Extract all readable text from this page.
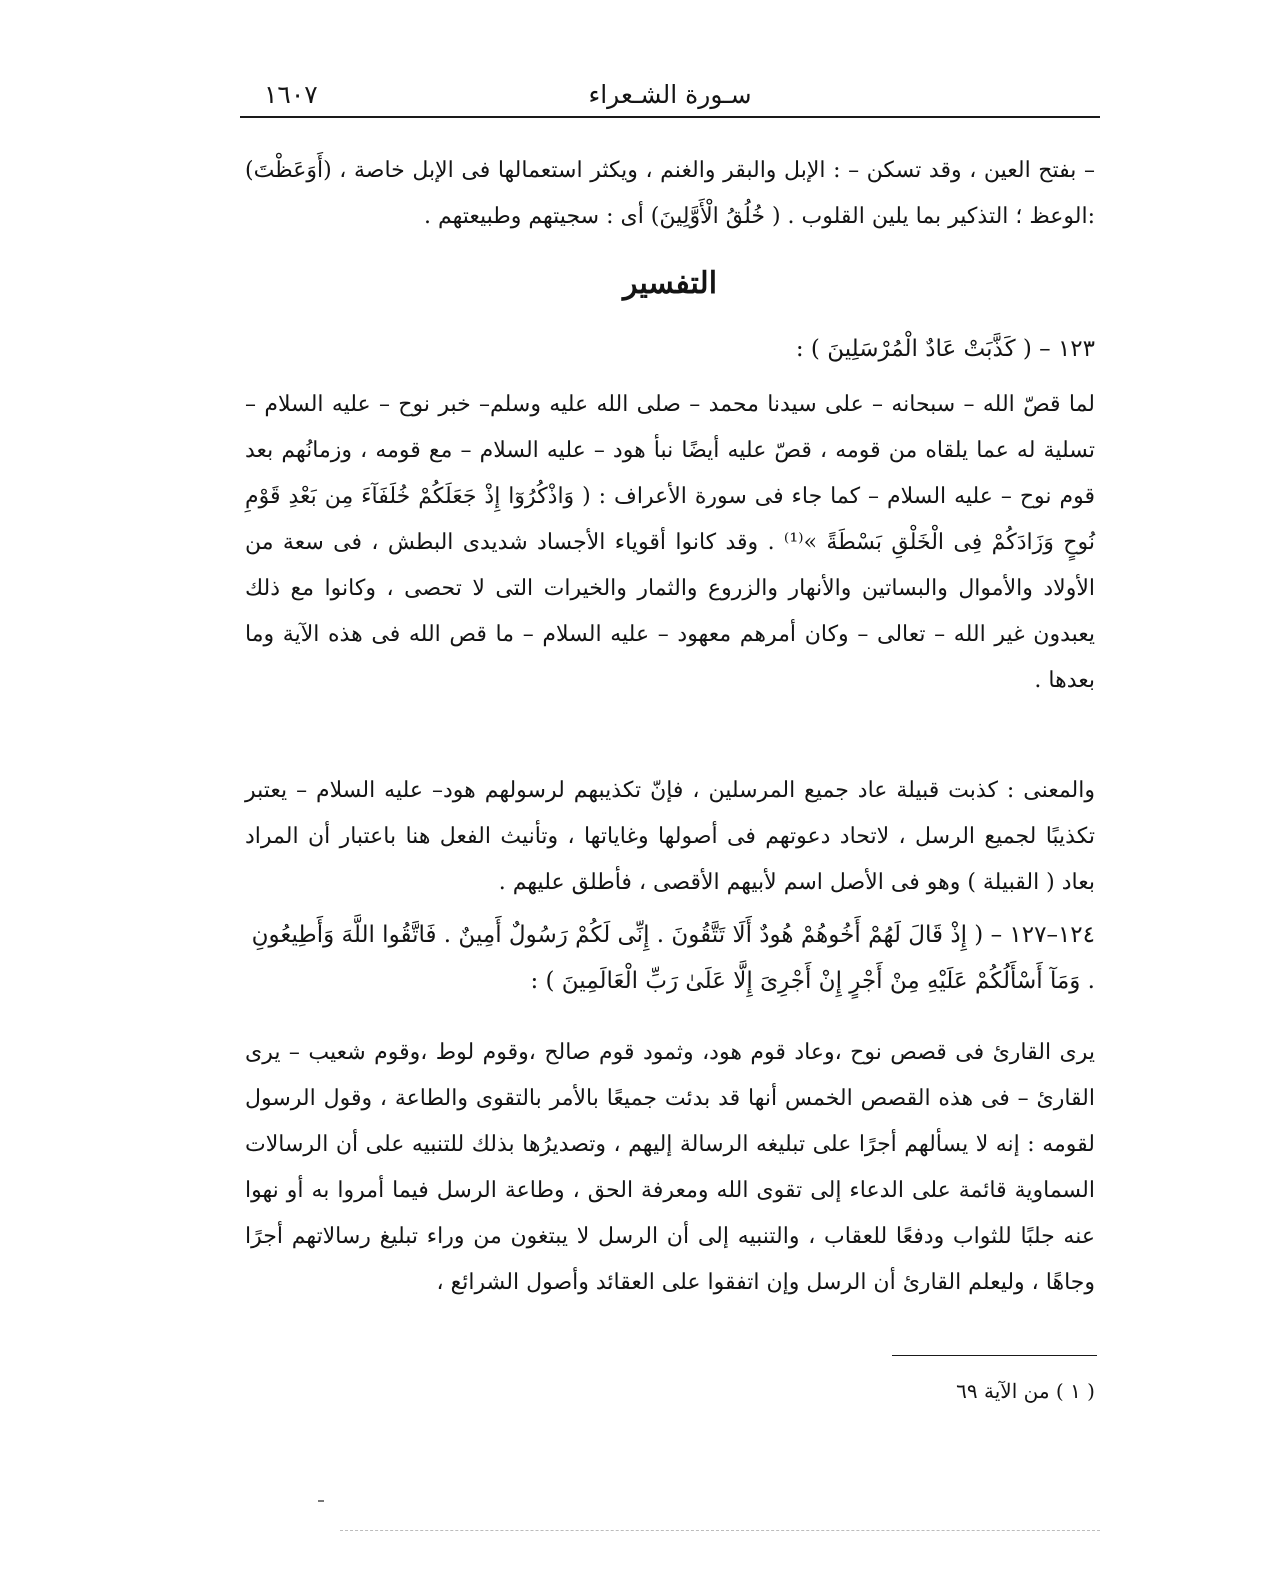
سـورة الشـعراء
١٦٠٧
– بفتح العين ، وقد تسكن – : الإبل والبقر والغنم ، ويكثر استعمالها فى الإبل خاصة ، (أَوَعَظْتَ) :الوعظ ؛ التذكير بما يلين القلوب . ( خُلُقُ الْأَوَّلِينَ) أى : سجيتهم وطبيعتهم .
التفسير
١٢٣ – ( كَذَّبَتْ عَادٌ الْمُرْسَلِينَ ) :
لما قصّ الله – سبحانه – على سيدنا محمد – صلى الله عليه وسلم– خبر نوح – عليه السلام – تسلية له عما يلقاه من قومه ، قصّ عليه أيضًا نبأ هود – عليه السلام – مع قومه ، وزمانُهم بعد قوم نوح – عليه السلام – كما جاء فى سورة الأعراف : ( وَاذْكُرُوٓا إِذْ جَعَلَكُمْ خُلَفَآءَ مِن بَعْدِ قَوْمِ نُوحٍ وَزَادَكُمْ فِى الْخَلْقِ بَسْطَةً »⁽¹⁾ . وقد كانوا أقوياء الأجساد شديدى البطش ، فى سعة من الأولاد والأموال والبساتين والأنهار والزروع والثمار والخيرات التى لا تحصى ، وكانوا مع ذلك يعبدون غير الله – تعالى – وكان أمرهم معهود – عليه السلام – ما قص الله فى هذه الآية وما بعدها .
والمعنى : كذبت قبيلة عاد جميع المرسلين ، فإنّ تكذيبهم لرسولهم هود– عليه السلام – يعتبر تكذيبًا لجميع الرسل ، لاتحاد دعوتهم فى أصولها وغاياتها ، وتأنيث الفعل هنا باعتبار أن المراد بعاد ( القبيلة ) وهو فى الأصل اسم لأبيهم الأقصى ، فأطلق عليهم .
١٢٤–١٢٧ – ( إِذْ قَالَ لَهُمْ أَخُوهُمْ هُودٌ أَلَا تَتَّقُونَ . إِنِّى لَكُمْ رَسُولٌ أَمِينٌ . فَاتَّقُوا اللَّهَ وَأَطِيعُونِ . وَمَآ أَسْأَلُكُمْ عَلَيْهِ مِنْ أَجْرٍ إِنْ أَجْرِىَ إِلَّا عَلَىٰ رَبِّ الْعَالَمِينَ ) :
يرى القارئ فى قصص نوح ،وعاد قوم هود، وثمود قوم صالح ،وقوم لوط ،وقوم شعيب – يرى القارئ – فى هذه القصص الخمس أنها قد بدئت جميعًا بالأمر بالتقوى والطاعة ، وقول الرسول لقومه : إنه لا يسألهم أجرًا على تبليغه الرسالة إليهم ، وتصديرُها بذلك للتنبيه على أن الرسالات السماوية قائمة على الدعاء إلى تقوى الله ومعرفة الحق ، وطاعة الرسل فيما أمروا به أو نهوا عنه جلبًا للثواب ودفعًا للعقاب ، والتنبيه إلى أن الرسل لا يبتغون من وراء تبليغ رسالاتهم أجرًا وجاهًا ، وليعلم القارئ أن الرسل وإن اتفقوا على العقائد وأصول الشرائع ،
( ١ ) من الآية ٦٩
